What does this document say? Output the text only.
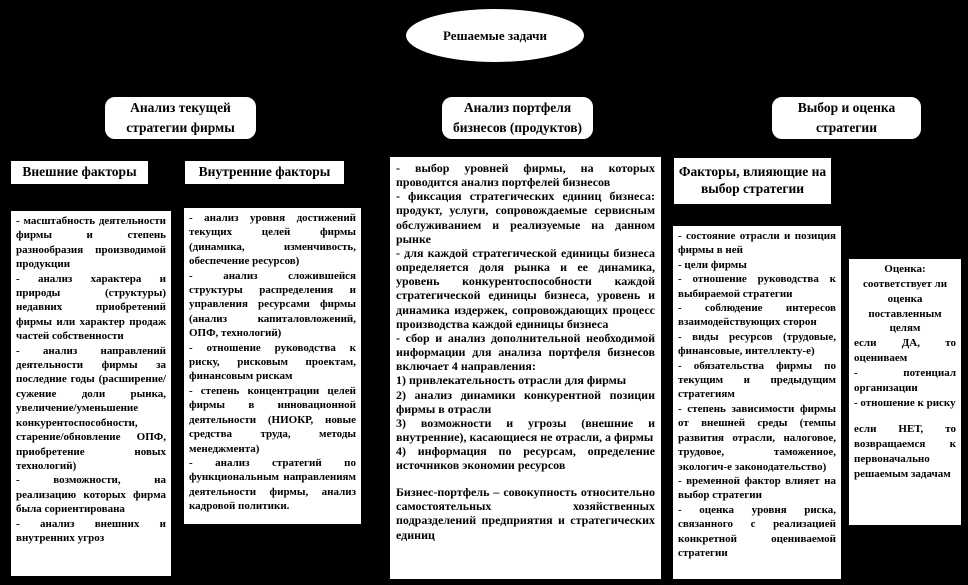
Решаемые задачи
Анализ текущей стратегии фирмы
Анализ портфеля бизнесов (продуктов)
Выбор и оценка стратегии
Внешние факторы	Внутренние факторы	Факторы, влияющие на выбор стратегии
- масштабность деятельности фирмы и степень разнообразия производимой продукции
- анализ характера и природы (структуры) недавних приобретений фирмы или характер продаж частей собственности
- анализ направлений деятельности фирмы за последние годы (расширение/сужение доли рынка, увеличение/уменьшение конкурентоспособности, старение/обновление ОПФ, приобретение новых технологий)
- возможности, на реализацию которых фирма была сориентирована
- анализ внешних и внутренних угроз
- анализ уровня достижений текущих целей фирмы (динамика, изменчивость, обеспечение ресурсов)
- анализ сложившейся структуры распределения и управления ресурсами фирмы (анализ капиталовложений, ОПФ, технологий)
- отношение руководства к риску, рисковым проектам, финансовым рискам
- степень концентрации целей фирмы в инновационной деятельности (НИОКР, новые средства труда, методы менеджмента)
- анализ стратегий по функциональным направлениям деятельности фирмы, анализ кадровой политики.
- выбор уровней фирмы, на которых проводится анализ портфелей бизнесов
- фиксация стратегических единиц бизнеса: продукт, услуги, сопровождаемые сервисным обслуживанием и реализуемые на данном рынке
- для каждой стратегической единицы бизнеса определяется доля рынка и ее динамика, уровень конкурентоспособности каждой стратегической единицы бизнеса, уровень и динамика издержек, сопровождающих процесс производства каждой единицы бизнеса
- сбор и анализ дополнительной необходимой информации для анализа портфеля бизнесов включает 4 направления:
1) привлекательность отрасли для фирмы
2) анализ динамики конкурентной позиции фирмы в отрасли
3) возможности и угрозы (внешние и внутренние), касающиеся не отрасли, а фирмы
4) информация по ресурсам, определение источников экономии ресурсов
Бизнес-портфель – совокупность относительно самостоятельных хозяйственных подразделений предприятия и стратегических единиц
- состояние отрасли и позиция фирмы в ней
- цели фирмы
- отношение руководства к выбираемой стратегии
- соблюдение интересов взаимодействующих сторон
- виды ресурсов (трудовые, финансовые, интеллекту-е)
- обязательства фирмы по текущим и предыдущим стратегиям
- степень зависимости фирмы от внешней среды (темпы развития отрасли, налоговое, трудовое, таможенное, экологич-е законодательство)
- временной фактор влияет на выбор стратегии
- оценка уровня риска, связанного с реализацией конкретной оцениваемой стратегии
Оценка:
соответствует ли оценка поставленным целям
если ДА, то оцениваем
- потенциал организации
- отношение к риску
если НЕТ, то возвращаемся к первоначально решаемым задачам
